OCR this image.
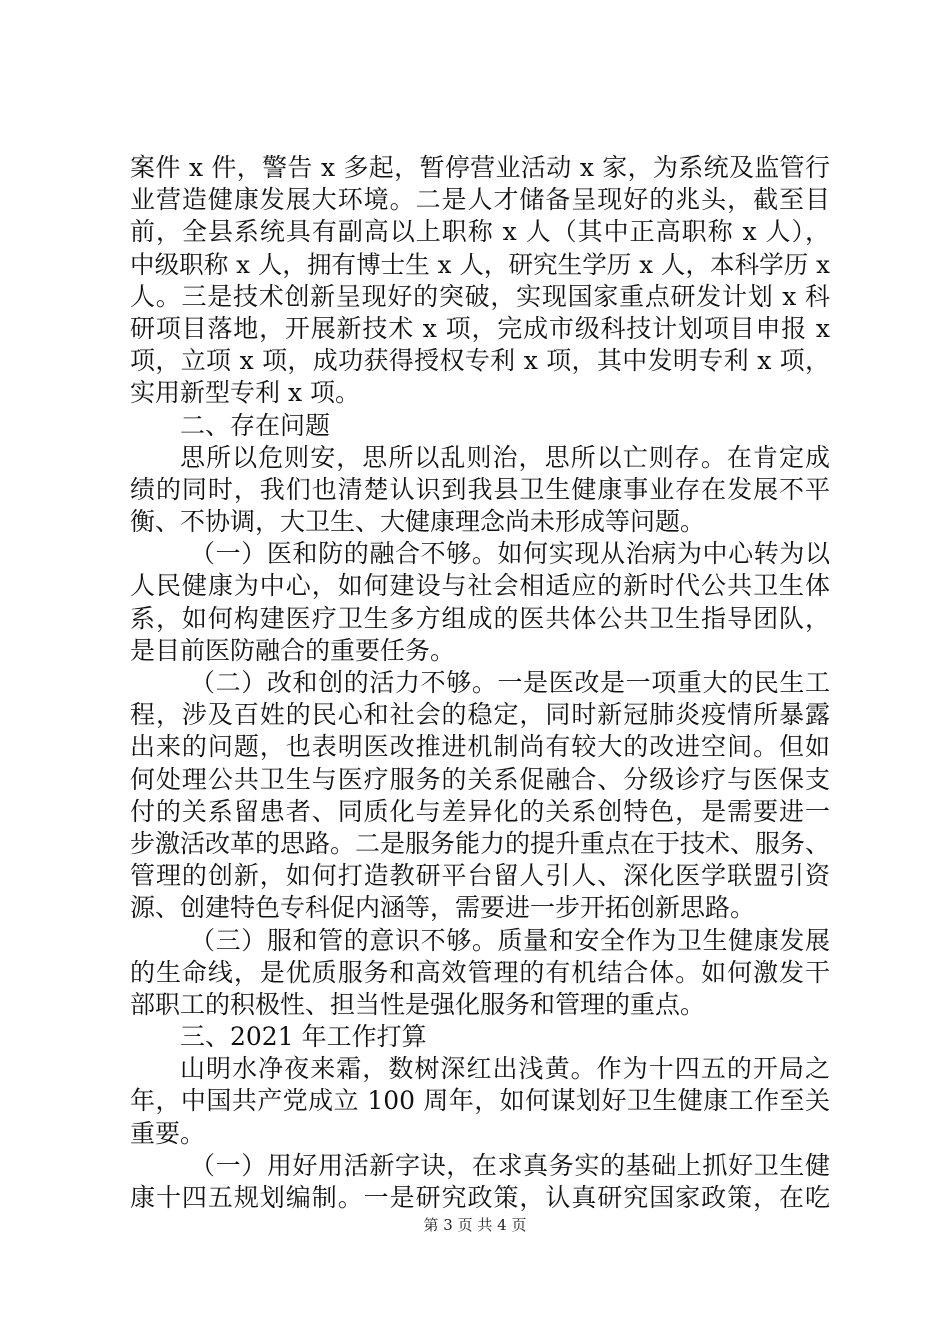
案件 x 件，警告 x 多起，暂停营业活动 x 家，为系统及监管行
业营造健康发展大环境。二是人才储备呈现好的兆头，截至目
前，全县系统具有副高以上职称 x 人（其中正高职称 x 人），
中级职称 x 人，拥有博士生 x 人，研究生学历 x 人，本科学历 x
人。三是技术创新呈现好的突破，实现国家重点研发计划 x 科
研项目落地，开展新技术 x 项，完成市级科技计划项目申报 x
项，立项 x 项，成功获得授权专利 x 项，其中发明专利 x 项，
实用新型专利 x 项。
二、存在问题
思所以危则安，思所以乱则治，思所以亡则存。在肯定成
绩的同时，我们也清楚认识到我县卫生健康事业存在发展不平
衡、不协调，大卫生、大健康理念尚未形成等问题。
（一）医和防的融合不够。如何实现从治病为中心转为以
人民健康为中心，如何建设与社会相适应的新时代公共卫生体
系，如何构建医疗卫生多方组成的医共体公共卫生指导团队，
是目前医防融合的重要任务。
（二）改和创的活力不够。一是医改是一项重大的民生工
程，涉及百姓的民心和社会的稳定，同时新冠肺炎疫情所暴露
出来的问题，也表明医改推进机制尚有较大的改进空间。但如
何处理公共卫生与医疗服务的关系促融合、分级诊疗与医保支
付的关系留患者、同质化与差异化的关系创特色，是需要进一
步激活改革的思路。二是服务能力的提升重点在于技术、服务、
管理的创新，如何打造教研平台留人引人、深化医学联盟引资
源、创建特色专科促内涵等，需要进一步开拓创新思路。
（三）服和管的意识不够。质量和安全作为卫生健康发展
的生命线，是优质服务和高效管理的有机结合体。如何激发干
部职工的积极性、担当性是强化服务和管理的重点。
三、2021 年工作打算
山明水净夜来霜，数树深红出浅黄。作为十四五的开局之
年，中国共产党成立 100 周年，如何谋划好卫生健康工作至关
重要。
（一）用好用活新字诀，在求真务实的基础上抓好卫生健
康十四五规划编制。一是研究政策，认真研究国家政策，在吃
第 3 页 共 4 页
